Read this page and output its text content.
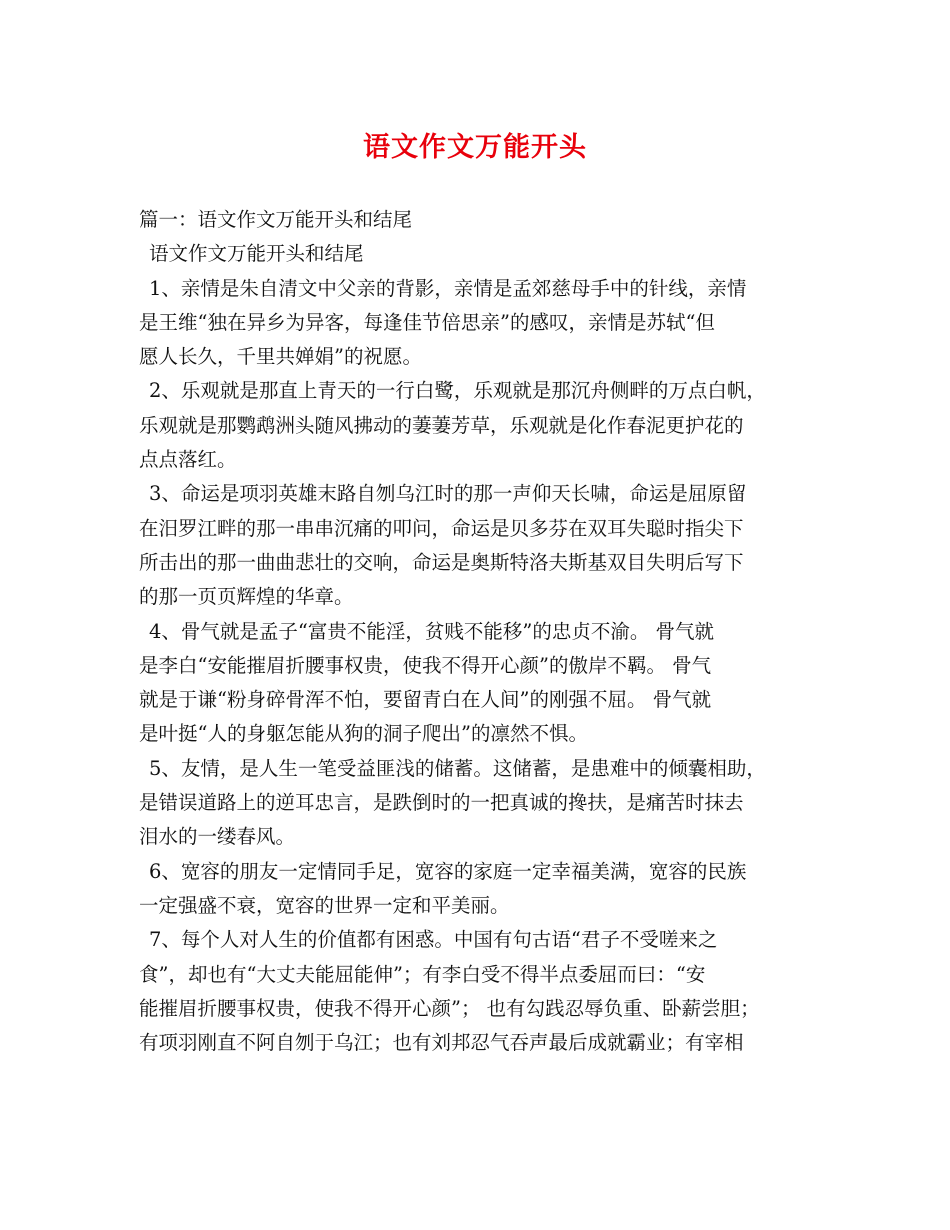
语文作文万能开头
篇一：语文作文万能开头和结尾
语文作文万能开头和结尾
1、亲情是朱自清文中父亲的背影，亲情是孟郊慈母手中的针线，亲情
是王维“独在异乡为异客，每逢佳节倍思亲”的感叹，亲情是苏轼“但
愿人长久，千里共婵娟”的祝愿。
2、乐观就是那直上青天的一行白鹭，乐观就是那沉舟侧畔的万点白帆，
乐观就是那鹦鹉洲头随风拂动的萋萋芳草，乐观就是化作春泥更护花的
点点落红。
3、命运是项羽英雄末路自刎乌江时的那一声仰天长啸，命运是屈原留
在汨罗江畔的那一串串沉痛的叩问，命运是贝多芬在双耳失聪时指尖下
所击出的那一曲曲悲壮的交响，命运是奥斯特洛夫斯基双目失明后写下
的那一页页辉煌的华章。
4、骨气就是孟子“富贵不能淫，贫贱不能移”的忠贞不渝。 骨气就
是李白“安能摧眉折腰事权贵，使我不得开心颜”的傲岸不羁。 骨气
就是于谦“粉身碎骨浑不怕，要留青白在人间”的刚强不屈。 骨气就
是叶挺“人的身躯怎能从狗的洞子爬出”的凛然不惧。
5、友情，是人生一笔受益匪浅的储蓄。这储蓄，是患难中的倾囊相助，
是错误道路上的逆耳忠言，是跌倒时的一把真诚的搀扶，是痛苦时抹去
泪水的一缕春风。
6、宽容的朋友一定情同手足，宽容的家庭一定幸福美满，宽容的民族
一定强盛不衰，宽容的世界一定和平美丽。
7、每个人对人生的价值都有困惑。中国有句古语“君子不受嗟来之
食”，却也有“大丈夫能屈能伸”；有李白受不得半点委屈而曰：“安
能摧眉折腰事权贵，使我不得开心颜”； 也有勾践忍辱负重、卧薪尝胆；
有项羽刚直不阿自刎于乌江；也有刘邦忍气吞声最后成就霸业；有宰相
